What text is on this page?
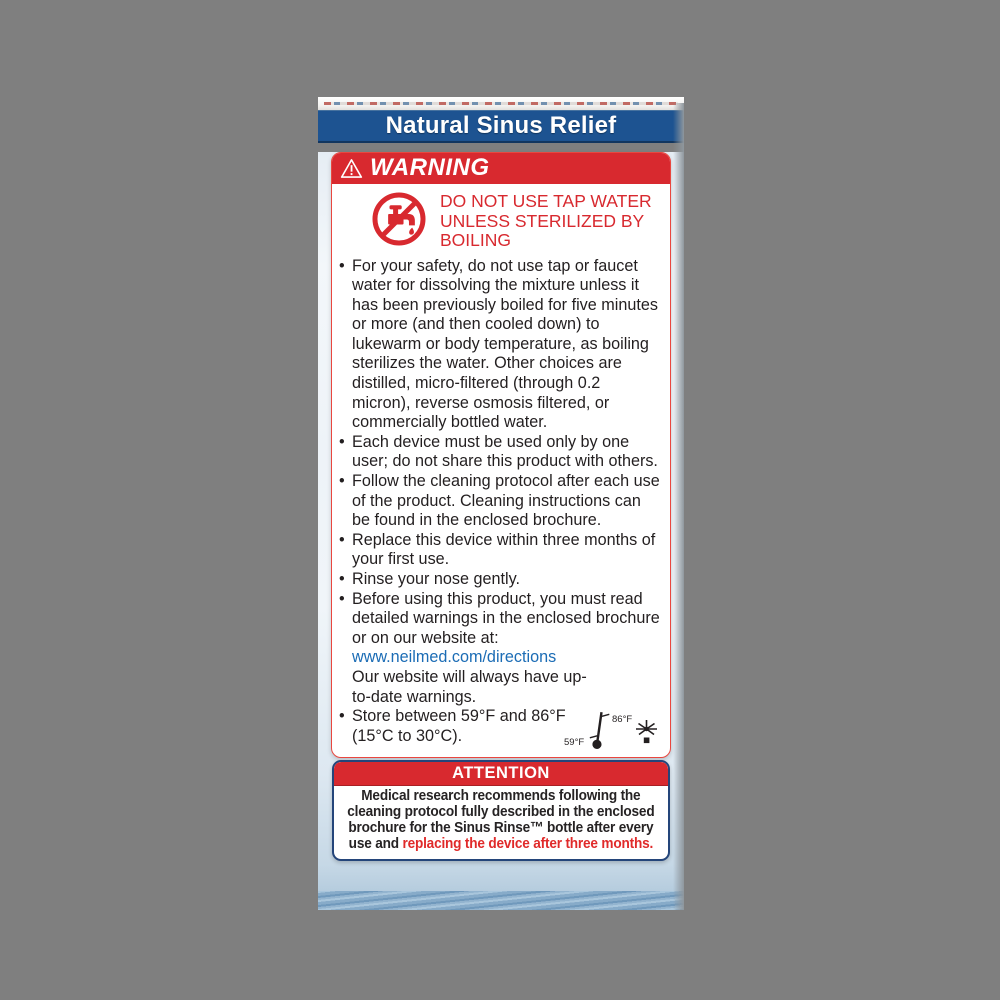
Natural Sinus Relief
WARNING
DO NOT USE TAP WATER UNLESS STERILIZED BY BOILING
• For your safety, do not use tap or faucet water for dissolving the mixture unless it has been previously boiled for five minutes or more (and then cooled down) to lukewarm or body temperature, as boiling sterilizes the water. Other choices are distilled, micro-filtered (through 0.2 micron), reverse osmosis filtered, or commercially bottled water.
• Each device must be used only by one user; do not share this product with others.
• Follow the cleaning protocol after each use of the product. Cleaning instructions can be found in the enclosed brochure.
• Replace this device within three months of your first use.
• Rinse your nose gently.
• Before using this product, you must read detailed warnings in the enclosed brochure or on our website at:
www.neilmed.com/directions
Our website will always have up-to-date warnings.
• Store between 59°F and 86°F (15°C to 30°C).	59°F
86°F
ATTENTION
Medical research recommends following the cleaning protocol fully described in the enclosed brochure for the Sinus Rinse™ bottle after every use and replacing the device after three months.
